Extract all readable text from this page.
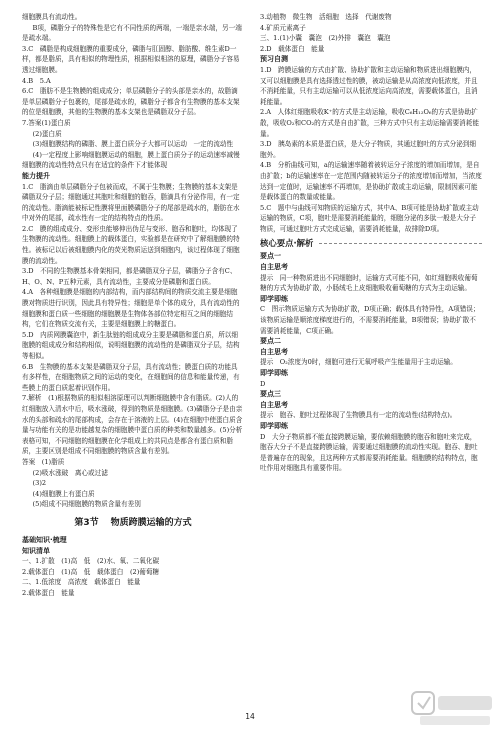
细胞膜具有流动性。

B项，磷脂分子的特殊性是它有不同性质的两端，一端是亲水端，另一端是疏水端。

3.C　磷脂是构成细胞膜的重要成分，磷脂与肛固醇、脂肪酸、维生素D一样，都是脂质，具有相似的物理性质，根据相似相溶的原理，磷脂分子容易透过细胞膜。

4.B　5.A

6.C　脂肪不是生物膜的组成成分；单层磷脂分子的头部是亲水的，故脂滴是单层磷脂分子包裹的，尾部是疏水的，磷脂分子都含有生物膜的基本支架的位是细胞膜，其他的生物膜的基本支架也是磷脂双分子层。

7.答案(1)蛋白质

(2)蛋白质

(3)细胞膜结构的磷脂、膜上蛋白质分子大都可以运动　一定的流动性

(4)一定程度上影响细胞膜运动的细胞，膜上蛋白质分子的运动速率减慢　细胞膜的流动性特点只有在适宜的条件下才能体现

能力提升

1.C　脂滴由单层磷脂分子包被而成，不属于生物膜；生物膜的基本支架是磷脂双分子层；细胞通过其胞吐和细胞的胞吞，脂滴具有分泌作用，有一定的流动性。脂滴能被标记性膜将里面膜磷脂分子的尾部是疏水的，脂肪在水中对外的尾部，疏水性有一定的结构特点的性质。

2.C　膜的组成成分、变形虫能够伸出伪足与变形、胞吞和胞吐，均体现了生物膜的流动性。细胞膜上的载体蛋白，实验都是在研究中了解细胞膜的特性。被标记以后被细胞膜内化的荧光物质运送到细胞内，该过程体现了细胞膜的流动性。

3.D　不同的生物膜基本骨架相同，都是磷脂双分子层，磷脂分子含有C、H、O、N、P五种元素，具有流动性，主要成分是磷脂和蛋白质。

4.A　各种细胞膜是细胞的内部结构，而内部结构间的物质交流主要是细胞膜对物质进行识别，因此具有特异性；细胞是单个体的成分，具有流动性的细胞膜和蛋白质一些细胞的细胞膜是生物体各部位特定相互之间的细胞结构，它们在物质交流有关，主要是细胞膜上的糖蛋白。

5.D　内质网膜囊泡中，新生肽链的组成成分主要是磷脂和蛋白质，所以细胞膜的组成成分和结构相似，说明细胞膜的流动性的是磷脂双分子层，结构等相似。

6.B　生物膜的基本支架是磷脂双分子层，具有流动性；膜蛋白质的功能具有多样性，在细胞物质之间的运动的变化，在细胞间的信息和能量传递，有些膜上的蛋白质起着识别作用。

7.解析　(1)根据物质的相似相溶原理可以判断细胞膜中含有脂质。(2)人的红细胞放入清水中后，吸水涨破，得到的物质是细胞膜。(3)磷脂分子是由亲水的头部和疏水的尾部构成，会存在于溶液的上层。(4)在细胞中使蛋白质含量与功能有关的是功能越复杂的细胞膜中蛋白质的种类和数量越多。(5)分析表格可知，不同细胞的细胞膜在化学组成上的共同点是都含有蛋白质和脂质，主要区别是组成不同细胞膜的物质含量有差别。

答案　(1)脂质

(2)吸水涨破　离心或过滤

(3)2

(4)细胞膜上有蛋白质

(5)组成不同细胞膜的物质含量有差别

第3节 物质跨膜运输的方式

基础知识·梳理

知识清单

一、1.扩散　(1)高　低　(2)水、氧、二氧化碳

2.载体蛋白　(1)高　低　载体蛋白　(2)葡萄糖

二、1.低浓度　高浓度　载体蛋白　能量

2.载体蛋白　能量

3.动植物　微生物　活细胞　选择　代谢废物

4.矿质元素离子

三、1.(1)小囊　囊泡　(2)外排　囊泡　囊泡

2.D　载体蛋白　能量

预习自测

1.D　跨膜运输的方式由扩散、协助扩散和主动运输和物质进出细胞膜内，又可以细胞膜是具有选择透过性的膜，被动运输是从高浓度向低浓度，并且不消耗能量，只有主动运输可以从低浓度运向高浓度，需要载体蛋白，且消耗能量。

2.A　人体红细胞吸收K⁺的方式是主动运输，吸收C₆H₁₂O₆的方式是协助扩散，吸收O₂和CO₂的方式是自由扩散，三种方式中只有主动运输需要消耗能量。

3.D　胰岛素的本质是蛋白质，是大分子物质，其通过胞吐的方式分泌到细胞外。

4.B　分析曲线可知，a的运输速率随着被转运分子浓度的增加而增加，是自由扩散；b的运输速率在一定范围内随被转运分子的浓度增加而增加，当浓度达到一定值时，运输速率不再增加，是协助扩散或主动运输，限制因素可能是载体蛋白的数量或能量。

5.C　题中与曲线可知物质的运输方式，其中A、B项可能是协助扩散或主动运输的物质，C项，胞吐是需要消耗能量的，细胞分泌的多肽一般是大分子物质，可通过胞吐方式完成运输，需要消耗能量，故排除D项。

核心要点·解析

要点一

自主思考

提示　同一种物质进出不同细胞时，运输方式可能不同，如红细胞吸收葡萄糖的方式为协助扩散，小肠绒毛上皮细胞吸收葡萄糖的方式为主动运输。

即学即练

C　图示物质运输方式为协助扩散，D项正确；载体具有特异性，A项错误；该物质运输是顺浓度梯度进行的，不需要消耗能量，B项错误；协助扩散不需要消耗能量，C项正确。

要点二

自主思考

提示　O₂浓度为0时，细胞可进行无氧呼吸产生能量用于主动运输。

即学即练

D

要点三

自主思考

提示　胞吞、胞吐过程体现了生物膜具有一定的流动性(结构特点)。

即学即练

D　大分子物质都不能直接跨膜运输，要依赖细胞膜的胞吞和胞吐来完成，胞吞大分子不是直接跨膜运输，需要通过细胞膜的流动性实现。胞吞、胞吐是普遍存在的现象，且这两种方式都需要消耗能量。细胞膜的结构特点，胞吐作用对细胞具有重要作用。

14
